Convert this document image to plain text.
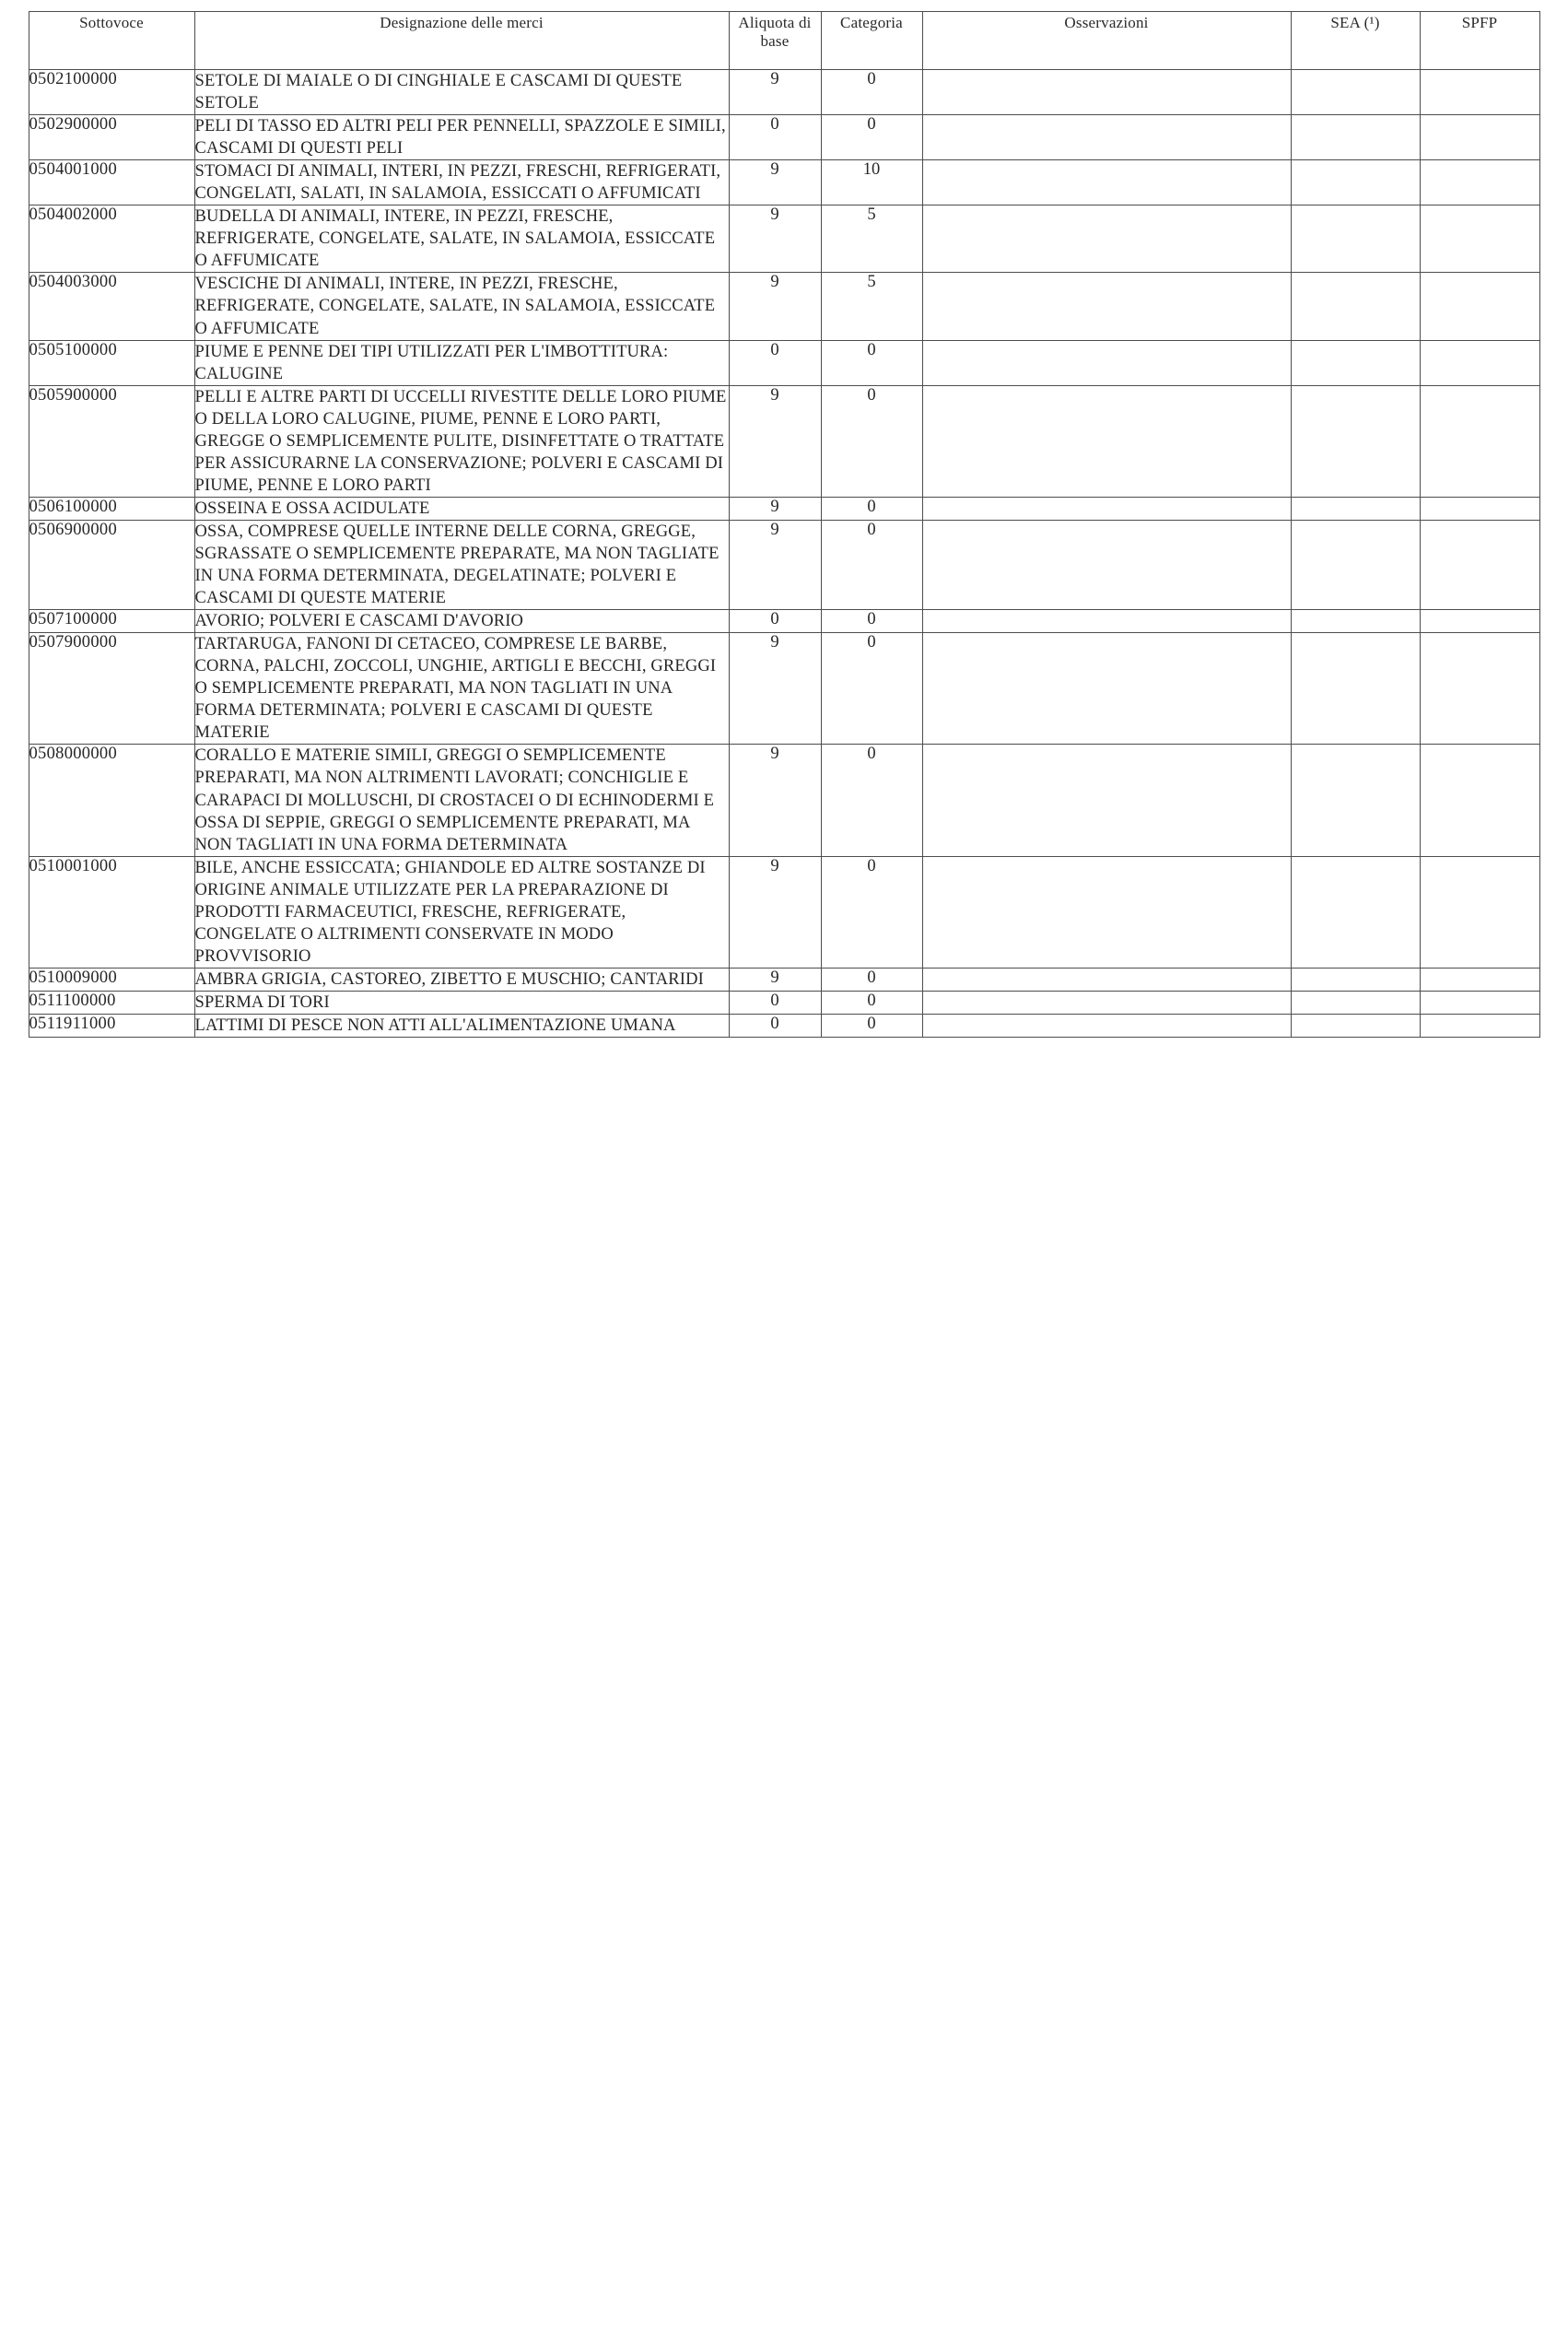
Sottovoce	Designazione delle merci	Aliquota di base	Categoria	Osservazioni	SEA (¹)	SPFP

0502100000	SETOLE DI MAIALE O DI CINGHIALE E CASCAMI DI QUESTE SETOLE	9	0			
0502900000	PELI DI TASSO ED ALTRI PELI PER PENNELLI, SPAZZOLE E SIMILI, CASCAMI DI QUESTI PELI	0	0			
0504001000	STOMACI DI ANIMALI, INTERI, IN PEZZI, FRESCHI, REFRIGERATI, CONGELATI, SALATI, IN SALAMOIA, ESSICCATI O AFFUMICATI	9	10			
0504002000	BUDELLA DI ANIMALI, INTERE, IN PEZZI, FRESCHE, REFRIGERATE, CONGELATE, SALATE, IN SALAMOIA, ESSICCATE O AFFUMICATE	9	5			
0504003000	VESCICHE DI ANIMALI, INTERE, IN PEZZI, FRESCHE, REFRIGERATE, CONGELATE, SALATE, IN SALAMOIA, ESSICCATE O AFFUMICATE	9	5			
0505100000	PIUME E PENNE DEI TIPI UTILIZZATI PER L'IMBOTTITURA: CALUGINE	0	0			
0505900000	PELLI E ALTRE PARTI DI UCCELLI RIVESTITE DELLE LORO PIUME O DELLA LORO CALUGINE, PIUME, PENNE E LORO PARTI, GREGGE O SEMPLICEMENTE PULITE, DISINFETTATE O TRATTATE PER ASSICURARNE LA CONSERVAZIONE; POLVERI E CASCAMI DI PIUME, PENNE E LORO PARTI	9	0			
0506100000	OSSEINA E OSSA ACIDULATE	9	0			
0506900000	OSSA, COMPRESE QUELLE INTERNE DELLE CORNA, GREGGE, SGRASSATE O SEMPLICEMENTE PREPARATE, MA NON TAGLIATE IN UNA FORMA DETERMINATA, DEGELATINATE; POLVERI E CASCAMI DI QUESTE MATERIE	9	0			
0507100000	AVORIO; POLVERI E CASCAMI D'AVORIO	0	0			
0507900000	TARTARUGA, FANONI DI CETACEO, COMPRESE LE BARBE, CORNA, PALCHI, ZOCCOLI, UNGHIE, ARTIGLI E BECCHI, GREGGI O SEMPLICEMENTE PREPARATI, MA NON TAGLIATI IN UNA FORMA DETERMINATA; POLVERI E CASCAMI DI QUESTE MATERIE	9	0			
0508000000	CORALLO E MATERIE SIMILI, GREGGI O SEMPLICEMENTE PREPARATI, MA NON ALTRIMENTI LAVORATI; CONCHIGLIE E CARAPACI DI MOLLUSCHI, DI CROSTACEI O DI ECHINODERMI E OSSA DI SEPPIE, GREGGI O SEMPLICEMENTE PREPARATI, MA NON TAGLIATI IN UNA FORMA DETERMINATA	9	0			
0510001000	BILE, ANCHE ESSICCATA; GHIANDOLE ED ALTRE SOSTANZE DI ORIGINE ANIMALE UTILIZZATE PER LA PREPARAZIONE DI PRODOTTI FARMACEUTICI, FRESCHE, REFRIGERATE, CONGELATE O ALTRIMENTI CONSERVATE IN MODO PROVVISORIO	9	0			
0510009000	AMBRA GRIGIA, CASTOREO, ZIBETTO E MUSCHIO; CANTARIDI	9	0			
0511100000	SPERMA DI TORI	0	0			
0511911000	LATTIMI DI PESCE NON ATTI ALL'ALIMENTAZIONE UMANA	0	0			
